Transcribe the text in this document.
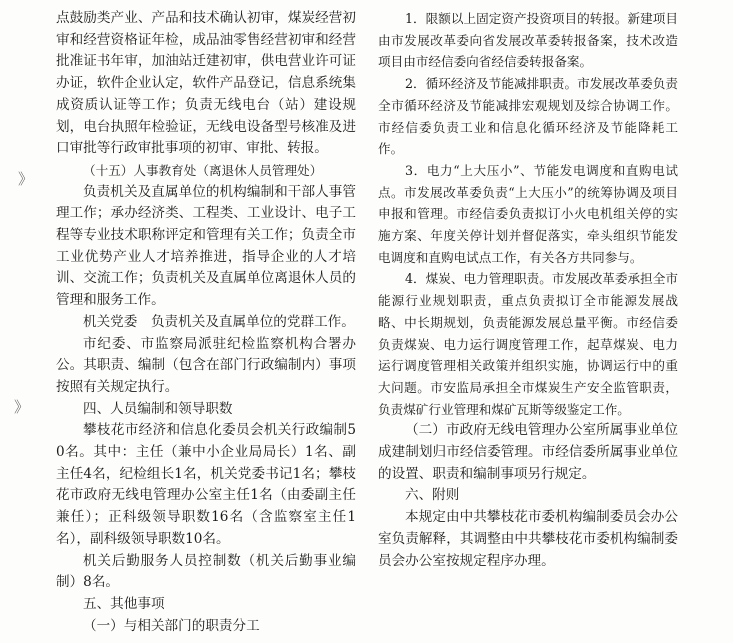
》
》

点鼓励类产业、产品和技术确认初审，煤炭经营初审和经营资格证年检，成品油零售经营初审和经营批准证书年审，加油站迁建初审，供电营业许可证办证，软件企业认定，软件产品登记，信息系统集成资质认证等工作；负责无线电台（站）建设规划，电台执照年检验证，无线电设备型号核准及进口审批等行政审批事项的初审、审批、转报。

（十五）人事教育处（离退休人员管理处）

负责机关及直属单位的机构编制和干部人事管理工作；承办经济类、工程类、工业设计、电子工程等专业技术职称评定和管理有关工作；负责全市工业优势产业人才培养推进，指导企业的人才培训、交流工作；负责机关及直属单位离退休人员的管理和服务工作。

机关党委　负责机关及直属单位的党群工作。

市纪委、市监察局派驻纪检监察机构合署办公。其职责、编制（包含在部门行政编制内）事项按照有关规定执行。

四、人员编制和领导职数

攀枝花市经济和信息化委员会机关行政编制50名。其中：主任（兼中小企业局局长）1名、副主任4名，纪检组长1名，机关党委书记1名；攀枝花市政府无线电管理办公室主任1名（由委副主任兼任）；正科级领导职数16名（含监察室主任1名），副科级领导职数10名。

机关后勤服务人员控制数（机关后勤事业编制）8名。

五、其他事项

（一）与相关部门的职责分工

1．限额以上固定资产投资项目的转报。新建项目由市发展改革委向省发展改革委转报备案，技术改造项目由市经信委向省经信委转报备案。

2．循环经济及节能减排职责。市发展改革委负责全市循环经济及节能减排宏观规划及综合协调工作。市经信委负责工业和信息化循环经济及节能降耗工作。

3．电力“上大压小”、节能发电调度和直购电试点。市发展改革委负责“上大压小”的统筹协调及项目申报和管理。市经信委负责拟订小火电机组关停的实施方案、年度关停计划并督促落实，牵头组织节能发电调度和直购电试点工作，有关各方共同参与。

4．煤炭、电力管理职责。市发展改革委承担全市能源行业规划职责，重点负责拟订全市能源发展战略、中长期规划，负责能源发展总量平衡。市经信委负责煤炭、电力运行调度管理工作，起草煤炭、电力运行调度管理相关政策并组织实施，协调运行中的重大问题。市安监局承担全市煤炭生产安全监管职责，负责煤矿行业管理和煤矿瓦斯等级鉴定工作。

（二）市政府无线电管理办公室所属事业单位成建制划归市经信委管理。市经信委所属事业单位的设置、职责和编制事项另行规定。

六、附则

本规定由中共攀枝花市委机构编制委员会办公室负责解释，其调整由中共攀枝花市委机构编制委员会办公室按规定程序办理。
